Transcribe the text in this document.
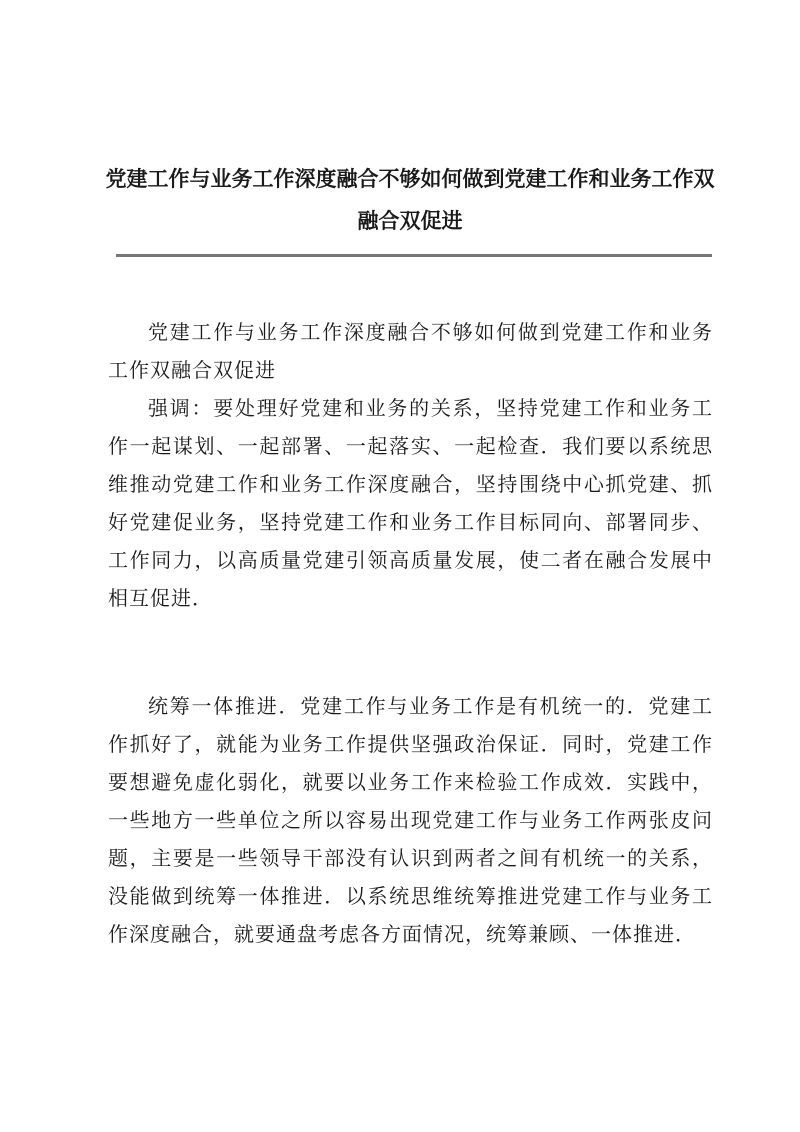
党建工作与业务工作深度融合不够如何做到党建工作和业务工作双融合双促进

党建工作与业务工作深度融合不够如何做到党建工作和业务工作双融合双促进

强调：要处理好党建和业务的关系，坚持党建工作和业务工作一起谋划、一起部署、一起落实、一起检查．我们要以系统思维推动党建工作和业务工作深度融合，坚持围绕中心抓党建、抓好党建促业务，坚持党建工作和业务工作目标同向、部署同步、工作同力，以高质量党建引领高质量发展，使二者在融合发展中相互促进．

统筹一体推进．党建工作与业务工作是有机统一的．党建工作抓好了，就能为业务工作提供坚强政治保证．同时，党建工作要想避免虚化弱化，就要以业务工作来检验工作成效．实践中，一些地方一些单位之所以容易出现党建工作与业务工作两张皮问题，主要是一些领导干部没有认识到两者之间有机统一的关系，没能做到统筹一体推进．以系统思维统筹推进党建工作与业务工作深度融合，就要通盘考虑各方面情况，统筹兼顾、一体推进．
